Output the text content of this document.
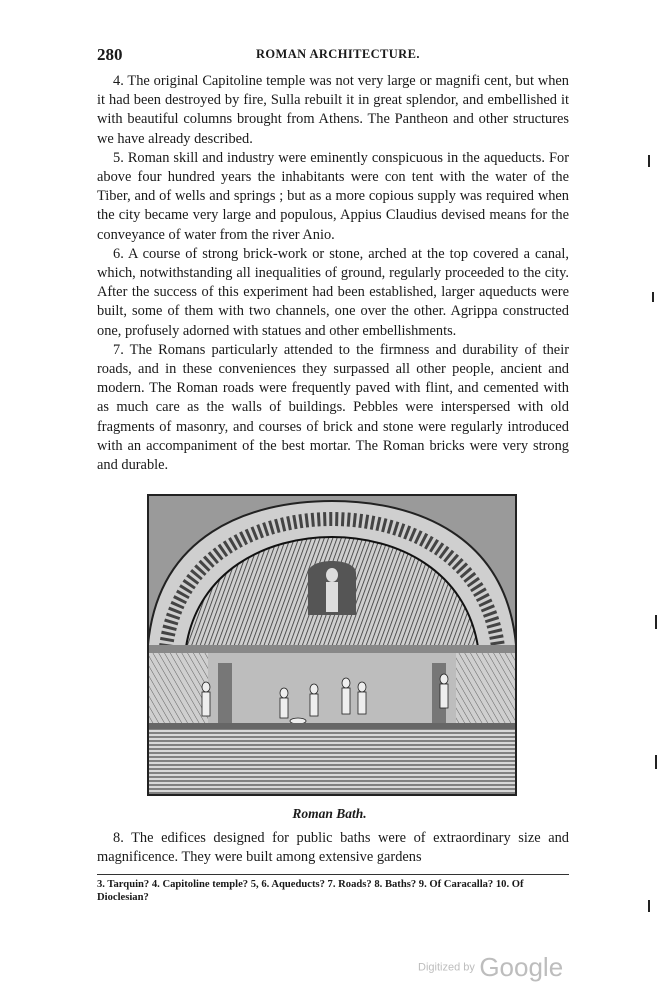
280	ROMAN ARCHITECTURE.

4. The original Capitoline temple was not very large or magnifi cent, but when it had been destroyed by fire, Sulla rebuilt it in great splendor, and embellished it with beautiful columns brought from Athens. The Pantheon and other structures we have already described.

5. Roman skill and industry were eminently conspicuous in the aqueducts. For above four hundred years the inhabitants were con tent with the water of the Tiber, and of wells and springs ; but as a more copious supply was required when the city became very large and populous, Appius Claudius devised means for the conveyance of water from the river Anio.

6. A course of strong brick-work or stone, arched at the top covered a canal, which, notwithstanding all inequalities of ground, regularly proceeded to the city. After the success of this experiment had been established, larger aqueducts were built, some of them with two channels, one over the other. Agrippa constructed one, profusely adorned with statues and other embellishments.

7. The Romans particularly attended to the firmness and durability of their roads, and in these conveniences they surpassed all other people, ancient and modern. The Roman roads were frequently paved with flint, and cemented with as much care as the walls of buildings. Pebbles were interspersed with old fragments of masonry, and courses of brick and stone were regularly introduced with an accompaniment of the best mortar. The Roman bricks were very strong and durable.

Roman Bath.

8. The edifices designed for public baths were of extraordinary size and magnificence. They were built among extensive gardens

3. Tarquin? 4. Capitoline temple? 5, 6. Aqueducts? 7. Roads? 8. Baths? 9. Of Caracalla? 10. Of Dioclesian?
Digitized by Google
